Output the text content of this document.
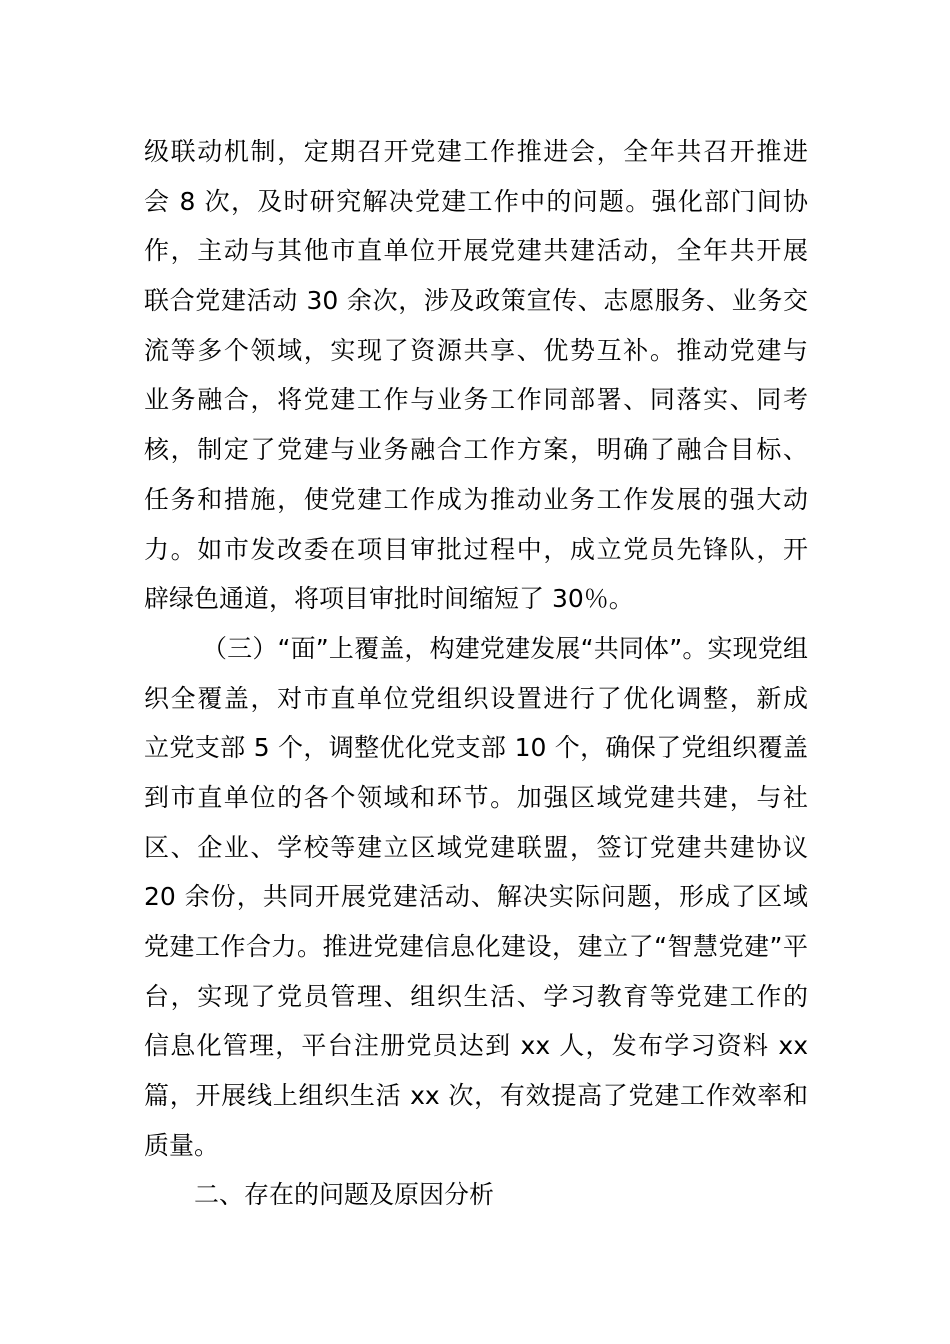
级联动机制，定期召开党建工作推进会，全年共召开推进
会 8 次，及时研究解决党建工作中的问题。强化部门间协
作，主动与其他市直单位开展党建共建活动，全年共开展
联合党建活动 30 余次，涉及政策宣传、志愿服务、业务交
流等多个领域，实现了资源共享、优势互补。推动党建与
业务融合，将党建工作与业务工作同部署、同落实、同考
核，制定了党建与业务融合工作方案，明确了融合目标、
任务和措施，使党建工作成为推动业务工作发展的强大动
力。如市发改委在项目审批过程中，成立党员先锋队，开
辟绿色通道，将项目审批时间缩短了 30％。
（三）“面”上覆盖，构建党建发展“共同体”。实现党组
织全覆盖，对市直单位党组织设置进行了优化调整，新成
立党支部 5 个，调整优化党支部 10 个，确保了党组织覆盖
到市直单位的各个领域和环节。加强区域党建共建，与社
区、企业、学校等建立区域党建联盟，签订党建共建协议
20 余份，共同开展党建活动、解决实际问题，形成了区域
党建工作合力。推进党建信息化建设，建立了“智慧党建”平
台，实现了党员管理、组织生活、学习教育等党建工作的
信息化管理，平台注册党员达到 xx 人，发布学习资料 xx
篇，开展线上组织生活 xx 次，有效提高了党建工作效率和
质量。
二、存在的问题及原因分析
